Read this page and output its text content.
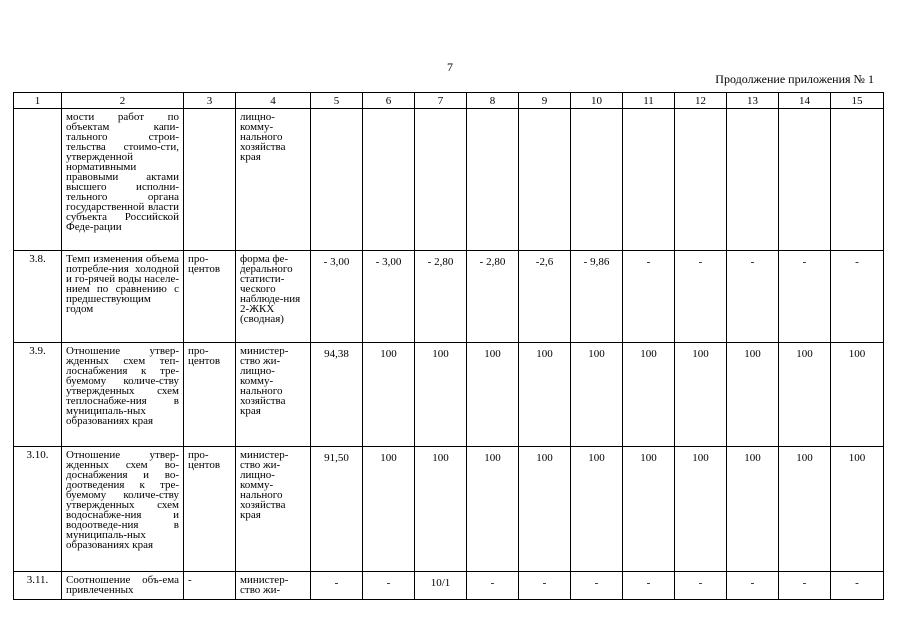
7
Продолжение приложения № 1
1	2	3	4	5	6	7	8	9	10	11	12	13	14	15
	мости работ по объектам капи-тального строи-тельства стоимо-сти, утвержденной нормативными правовыми актами высшего исполни-тельного органа государственной власти субъекта Российской Феде-рации		лищно-комму-нального хозяйства края											
3.8.	Темп изменения объема потребле-ния холодной и го-рячей воды населе-нием по сравнению с предшествующим годом	про-центов	форма фе-дерального статисти-ческого наблюде-ния 2-ЖКХ (сводная)	- 3,00	- 3,00	- 2,80	- 2,80	-2,6	- 9,86	-	-	-	-	-
3.9.	Отношение утвер-жденных схем теп-лоснабжения к тре-буемому количе-ству утвержденных схем теплоснабже-ния в муниципаль-ных образованиях края	про-центов	министер-ство жи-лищно-комму-нального хозяйства края	94,38	100	100	100	100	100	100	100	100	100	100
3.10.	Отношение утвер-жденных схем во-доснабжения и во-доотведения к тре-буемому количе-ству утвержденных схем водоснабже-ния и водоотведе-ния в муниципаль-ных образованиях края	про-центов	министер-ство жи-лищно-комму-нального хозяйства края	91,50	100	100	100	100	100	100	100	100	100	100
3.11.	Соотношение объ-ема привлеченных	-	министер-ство жи-	-	-	10/1	-	-	-	-	-	-	-	-
